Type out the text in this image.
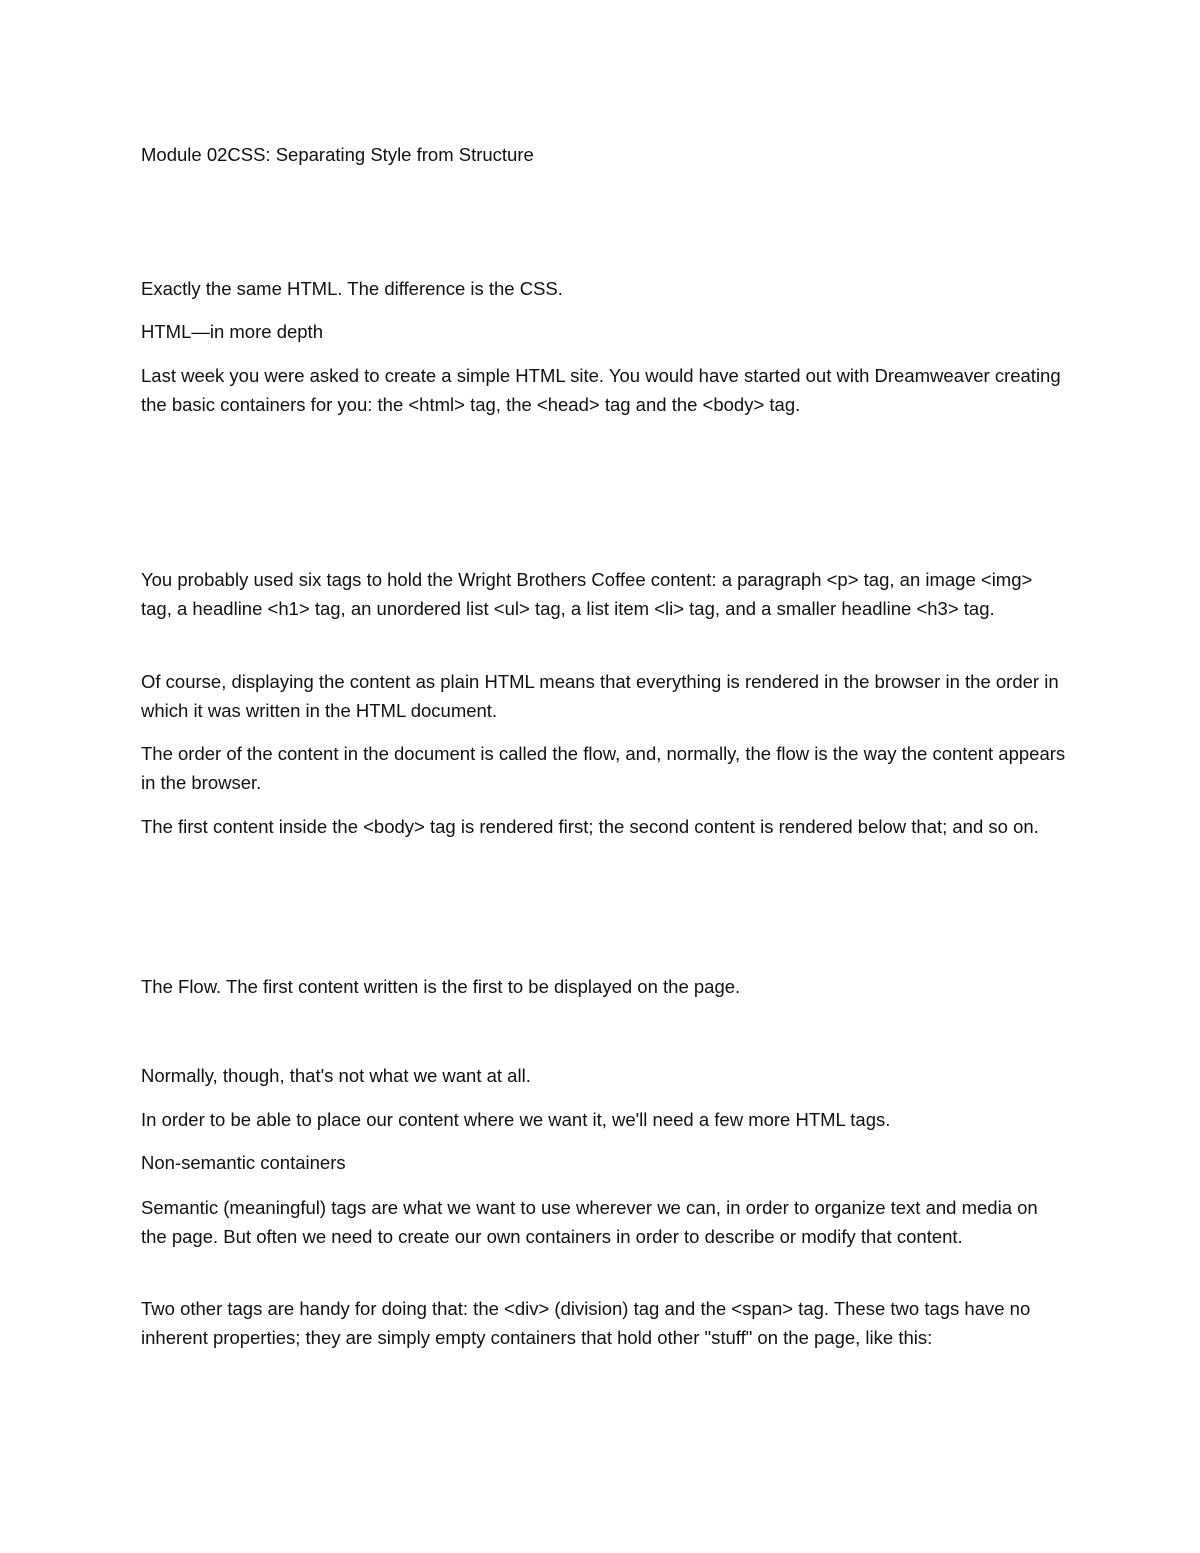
Module 02CSS: Separating Style from Structure

Exactly the same HTML. The difference is the CSS.

HTML—in more depth

Last week you were asked to create a simple HTML site. You would have started out with Dreamweaver creating the basic containers for you: the <html> tag, the <head> tag and the <body> tag.

You probably used six tags to hold the Wright Brothers Coffee content: a paragraph <p> tag, an image <img> tag, a headline <h1> tag, an unordered list <ul> tag, a list item <li> tag, and a smaller headline <h3> tag.

Of course, displaying the content as plain HTML means that everything is rendered in the browser in the order in which it was written in the HTML document.

The order of the content in the document is called the flow, and, normally, the flow is the way the content appears in the browser.

The first content inside the <body> tag is rendered first; the second content is rendered below that; and so on.

The Flow. The first content written is the first to be displayed on the page.

Normally, though, that's not what we want at all.

In order to be able to place our content where we want it, we'll need a few more HTML tags.

Non-semantic containers

Semantic (meaningful) tags are what we want to use wherever we can, in order to organize text and media on the page. But often we need to create our own containers in order to describe or modify that content.

Two other tags are handy for doing that: the <div> (division) tag and the <span> tag. These two tags have no inherent properties; they are simply empty containers that hold other "stuff" on the page, like this:
